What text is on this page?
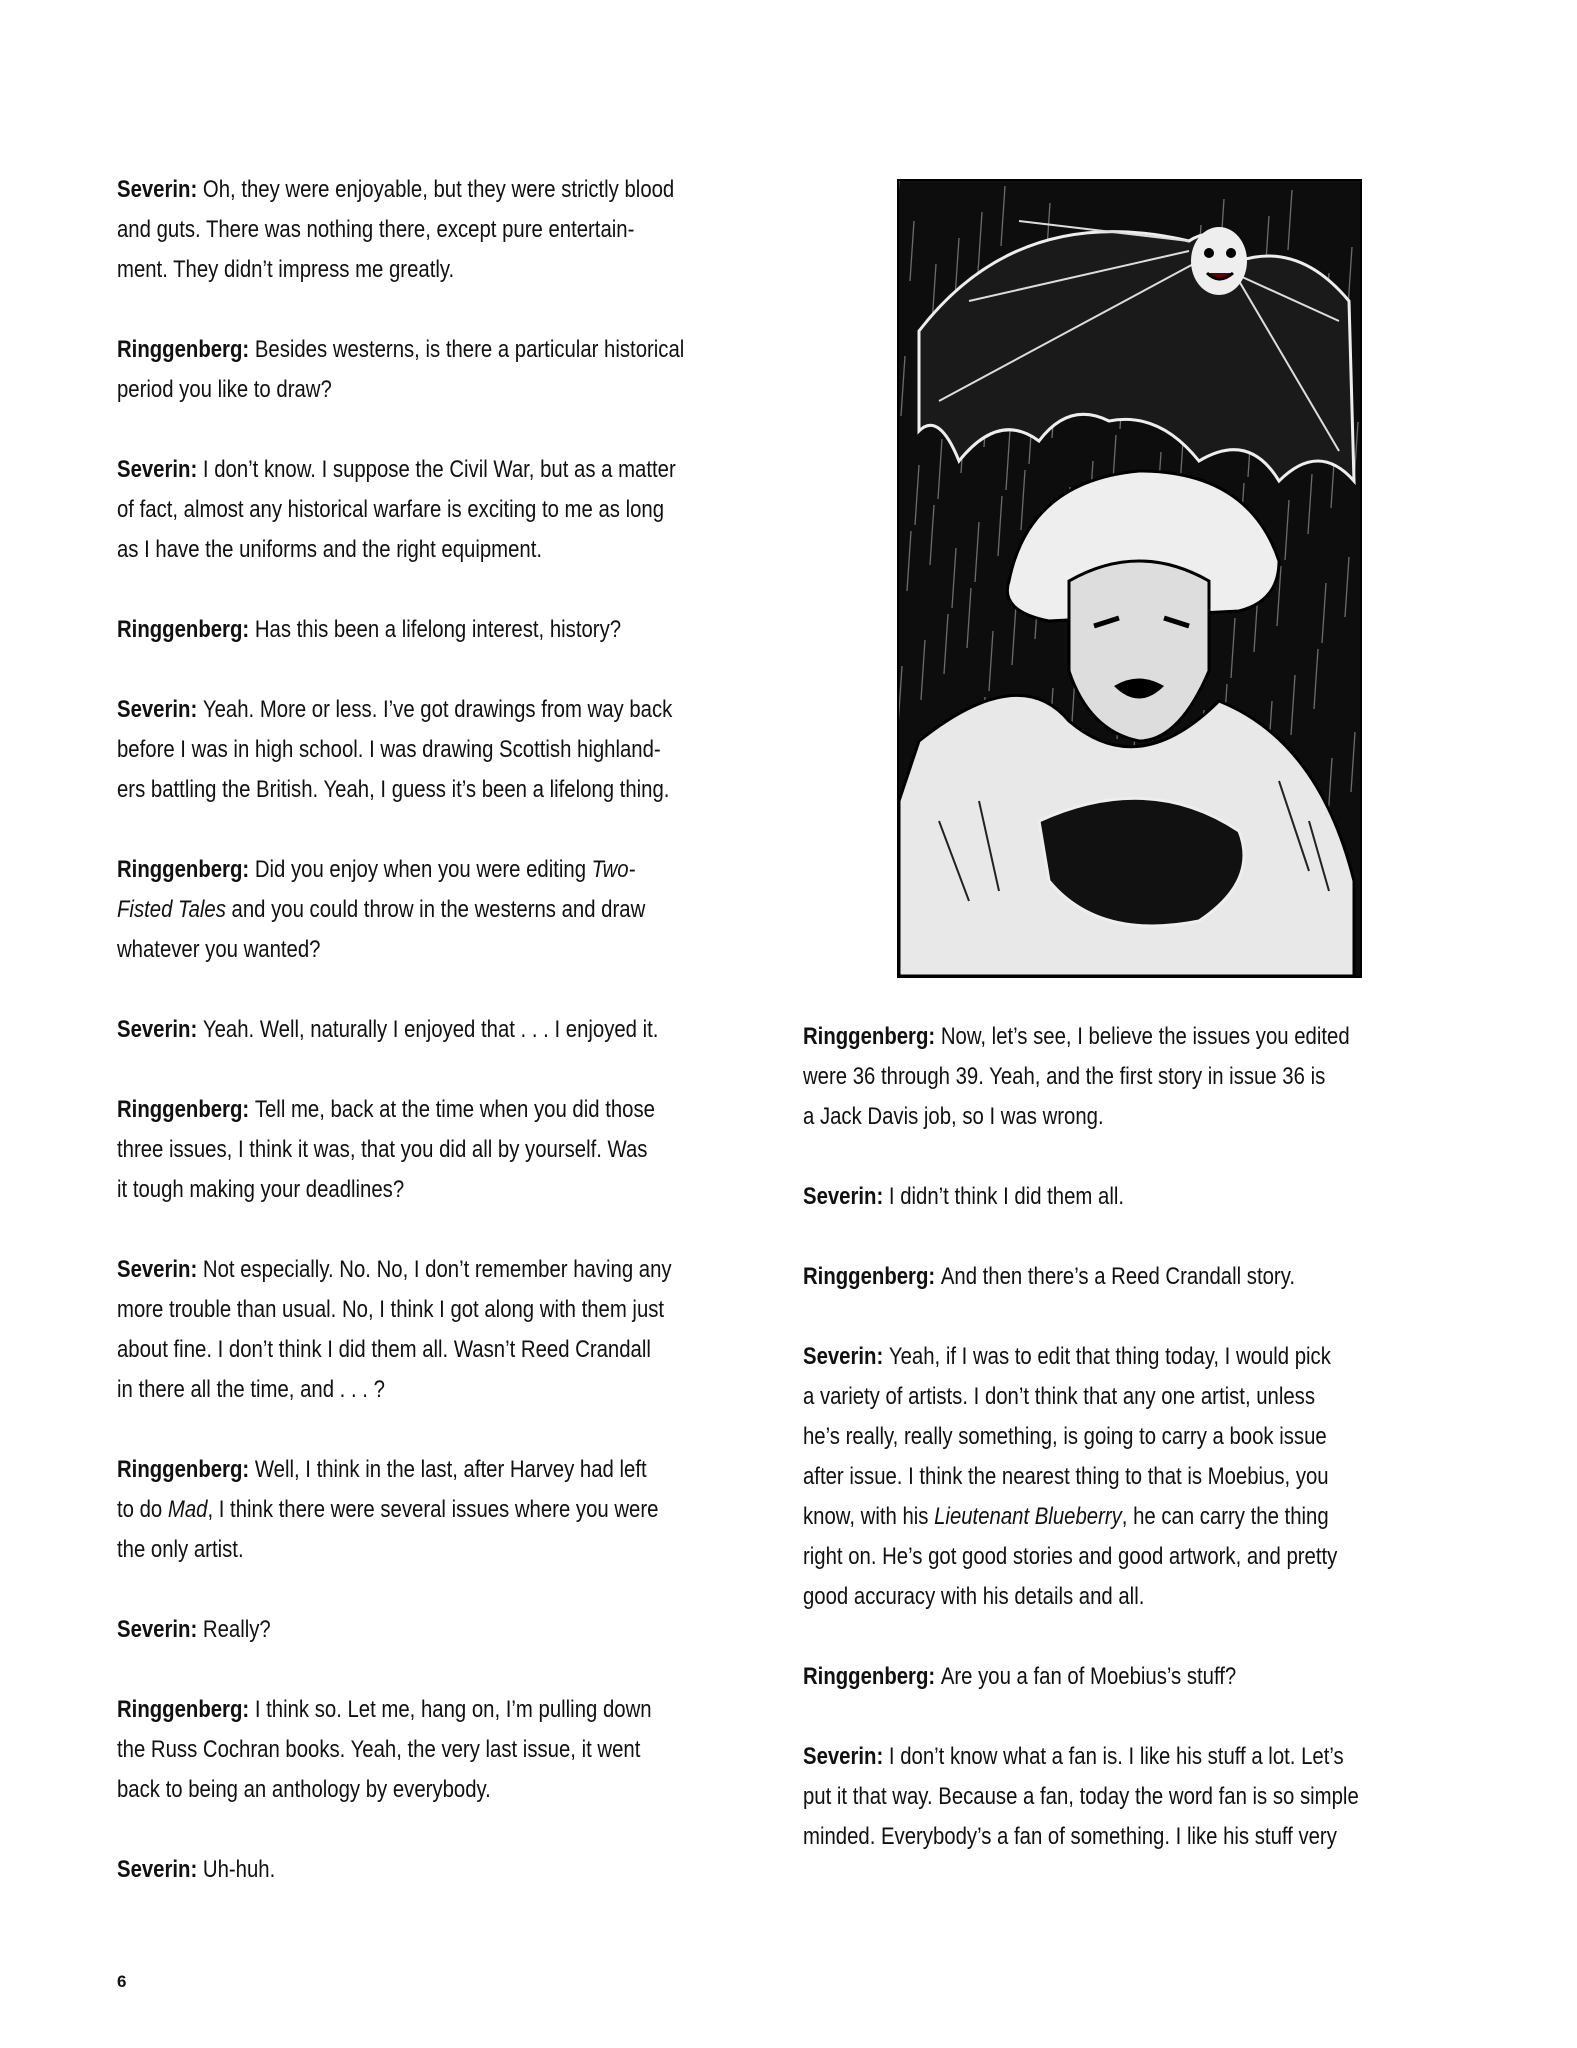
Severin: Oh, they were enjoyable, but they were strictly blood
and guts. There was nothing there, except pure entertain-
ment. They didn’t impress me greatly.
Ringgenberg: Besides westerns, is there a particular historical
period you like to draw?
Severin: I don’t know. I suppose the Civil War, but as a matter
of fact, almost any historical warfare is exciting to me as long
as I have the uniforms and the right equipment.
Ringgenberg: Has this been a lifelong interest, history?
Severin: Yeah. More or less. I’ve got drawings from way back
before I was in high school. I was drawing Scottish highland-
ers battling the British. Yeah, I guess it’s been a lifelong thing.
Ringgenberg: Did you enjoy when you were editing Two-
Fisted Tales and you could throw in the westerns and draw
whatever you wanted?
Severin: Yeah. Well, naturally I enjoyed that . . . I enjoyed it.
Ringgenberg: Tell me, back at the time when you did those
three issues, I think it was, that you did all by yourself. Was
it tough making your deadlines?
Severin: Not especially. No. No, I don’t remember having any
more trouble than usual. No, I think I got along with them just
about fine. I don’t think I did them all. Wasn’t Reed Crandall
in there all the time, and . . . ?
Ringgenberg: Well, I think in the last, after Harvey had left
to do Mad, I think there were several issues where you were
the only artist.
Severin: Really?
Ringgenberg: I think so. Let me, hang on, I’m pulling down
the Russ Cochran books. Yeah, the very last issue, it went
back to being an anthology by everybody.
Severin: Uh-huh.
Ringgenberg: Now, let’s see, I believe the issues you edited
were 36 through 39. Yeah, and the first story in issue 36 is
a Jack Davis job, so I was wrong.
Severin: I didn’t think I did them all.
Ringgenberg: And then there’s a Reed Crandall story.
Severin: Yeah, if I was to edit that thing today, I would pick
a variety of artists. I don’t think that any one artist, unless
he’s really, really something, is going to carry a book issue
after issue. I think the nearest thing to that is Moebius, you
know, with his Lieutenant Blueberry, he can carry the thing
right on. He’s got good stories and good artwork, and pretty
good accuracy with his details and all.
Ringgenberg: Are you a fan of Moebius’s stuff?
Severin: I don’t know what a fan is. I like his stuff a lot. Let’s
put it that way. Because a fan, today the word fan is so simple
minded. Everybody’s a fan of something. I like his stuff very
6
